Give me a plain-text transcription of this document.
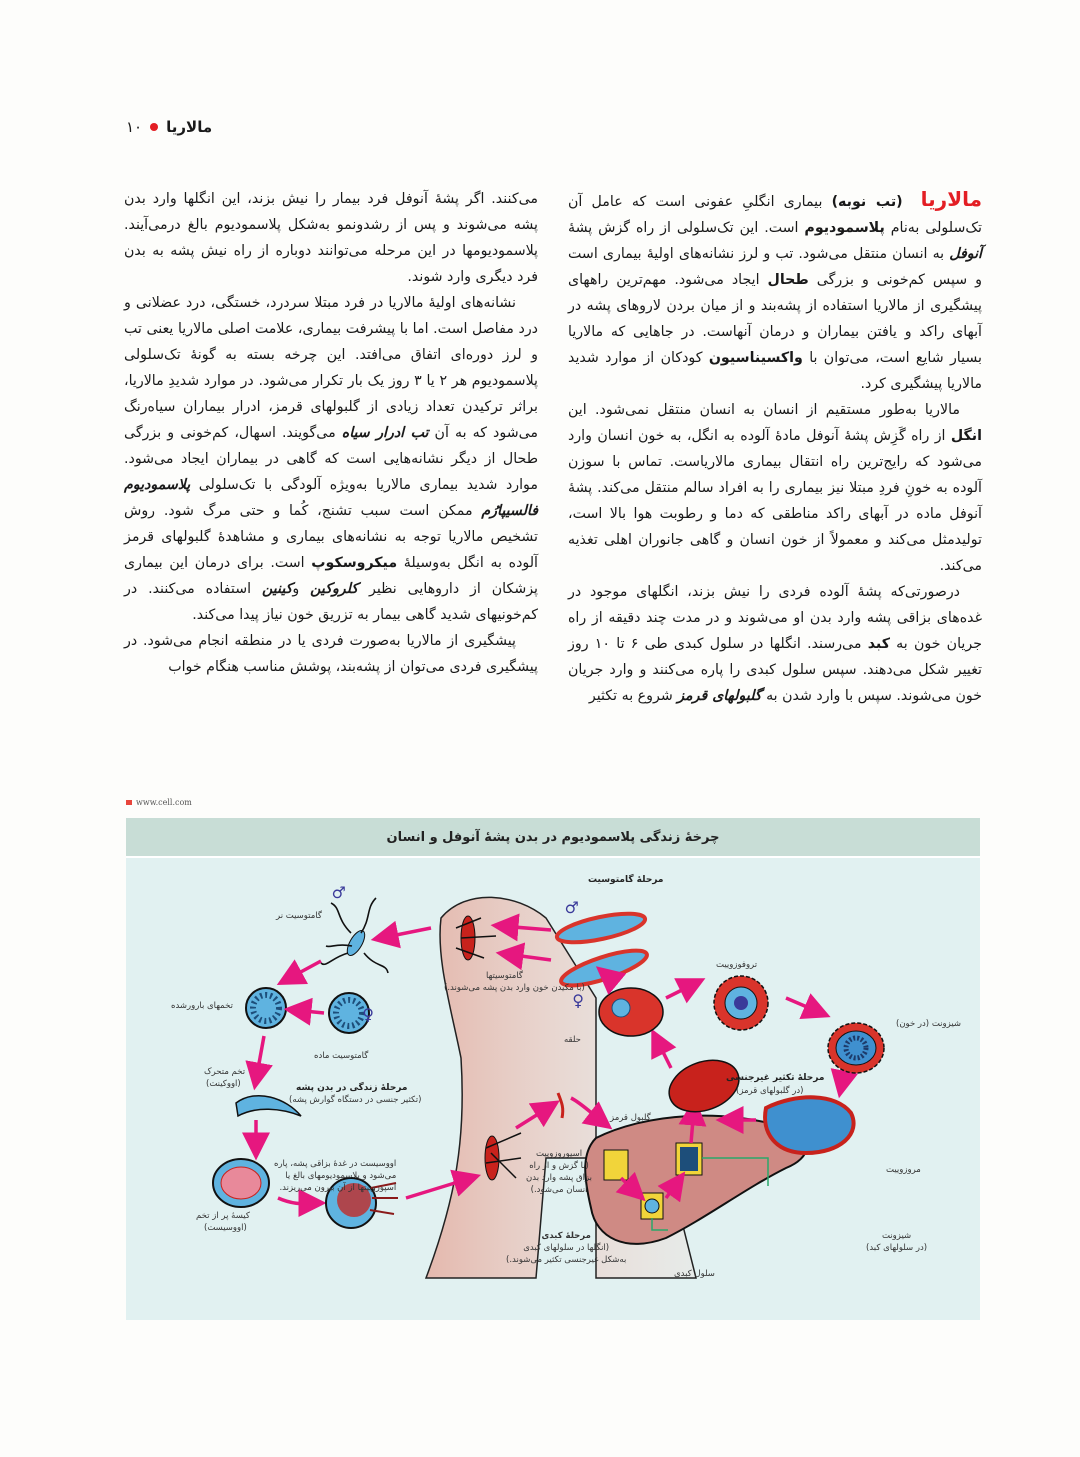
مالاریا
۱۰

مالاریا(تب نوبه) بیماری انگلیِ عفونی است که عامل آن تک‌سلولی به‌نام پلاسمودیوم است. این تک‌سلولی از راه گزش پشهٔ آنوفل به انسان منتقل می‌شود. تب و لرز نشانه‌های اولیهٔ بیماری است و سپس کم‌خونی و بزرگی طحال ایجاد می‌شود. مهم‌ترین راههای پیشگیری از مالاریا استفاده از پشه‌بند و از میان بردن لاروهای پشه در آبهای راکد و یافتن بیماران و درمان آنهاست. در جاهایی که مالاریا بسیار شایع است، می‌توان با واکسیناسیون کودکان از موارد شدید مالاریا پیشگیری کرد.

مالاریا به‌طور مستقیم از انسان به انسان منتقل نمی‌شود. این انگل از راه گَزِش پشهٔ آنوفل مادهٔ آلوده به انگل، به خون انسان وارد می‌شود که رایج‌ترین راه انتقال بیماری مالاریاست. تماس با سوزن آلوده به خونِ فردِ مبتلا نیز بیماری را به افراد سالم منتقل می‌کند. پشهٔ آنوفل ماده در آبهای راکد مناطقی که دما و رطوبت هوا بالا است، تولیدمثل می‌کند و معمولاً از خون انسان و گاهی جانوران اهلی تغذیه می‌کند.

درصورتی‌که پشهٔ آلوده فردی را نیش بزند، انگلهای موجود در غده‌های بزاقی پشه وارد بدن او می‌شوند و در مدت چند دقیقه از راه جریان خون به کبد می‌رسند. انگلها در سلول کبدی طی ۶ تا ۱۰ روز تغییر شکل می‌دهند. سپس سلول کبدی را پاره می‌کنند و وارد جریان خون می‌شوند. سپس با وارد شدن به گلبولهای قرمز شروع به تکثیر

می‌کنند. اگر پشهٔ آنوفل فرد بیمار را نیش بزند، این انگلها وارد بدن پشه می‌شوند و پس از رشدونمو به‌شکل پلاسمودیوم بالغ درمی‌آیند. پلاسمودیومها در این مرحله می‌توانند دوباره از راه نیش پشه به بدن فرد دیگری وارد شوند.

نشانه‌های اولیهٔ مالاریا در فرد مبتلا سردرد، خستگی، درد عضلانی و درد مفاصل است. اما با پیشرفت بیماری، علامت اصلی مالاریا یعنی تب و لرز دوره‌ای اتفاق می‌افتد. این چرخه بسته به گونهٔ تک‌سلولی پلاسمودیوم هر ۲ یا ۳ روز یک بار تکرار می‌شود. در موارد شدیدِ مالاریا، براثر ترکیدن تعداد زیادی از گلبولهای قرمز، ادرار بیماران سیاه‌رنگ می‌شود که به آن تب ادرار سیاه می‌گویند. اسهال، کم‌خونی و بزرگی طحال از دیگر نشانه‌هایی است که گاهی در بیماران ایجاد می‌شود. موارد شدید بیماری مالاریا به‌ویژه آلودگی با تک‌سلولی پلاسمودیوم فالسیپارُم ممکن است سبب تشنج، کُما و حتی مرگ شود. روش تشخیص مالاریا توجه به نشانه‌های بیماری و مشاهدهٔ گلبولهای قرمز آلوده به انگل به‌وسیلهٔ میکروسکوپ است. برای درمان این بیماری پزشکان از داروهایی نظیر کلروکین وکینین استفاده می‌کنند. در کم‌خونیهای شدید گاهی بیمار به تزریق خون نیاز پیدا می‌کند.

پیشگیری از مالاریا به‌صورت فردی یا در منطقه انجام می‌شود. در پیشگیری فردی می‌توان از پشه‌بند، پوشش مناسب هنگام خواب

www.cell.com
چرخهٔ زندگی پلاسمودیوم در بدن پشهٔ آنوفل و انسان
♂
♀
♂
♀
مرحلهٔ گامتوسیت
گامتوسیتها
(با مکیدن خون وارد بدن پشه می‌شوند.)
گامتوسیت نر
گامتوسیت ماده
تخمهای بارورشده
تخم متحرک
(اووکینت)	مرحلهٔ زندگی در بدن پشه
(تکثیر جنسی در دستگاه گوارش پشه)
کیسهٔ پر از تخم
(اووسیست)
اووسیست در غدهٔ بزاقی پشه، پاره
می‌شود و پلاسمودیومهای بالغ یا
اسپوزوییتها از آن بیرون می‌ریزند.
اسپوروزوییت
(با گزش و از راه
بزاق پشه وارد بدن
انسان می‌شود.)
مرحلهٔ کبدی
(انگلها در سلولهای کبدی
به‌شکل غیرجنسی تکثیر می‌شوند.)
سلول کبدی
شیزونت
(در سلولهای کبد)
مروزوییت
گلبول قرمز
حلقه
تروفوزوییت
شیزونت (در خون)
مرحلهٔ تکثیر غیرجنسی
(در گلبولهای قرمز)
